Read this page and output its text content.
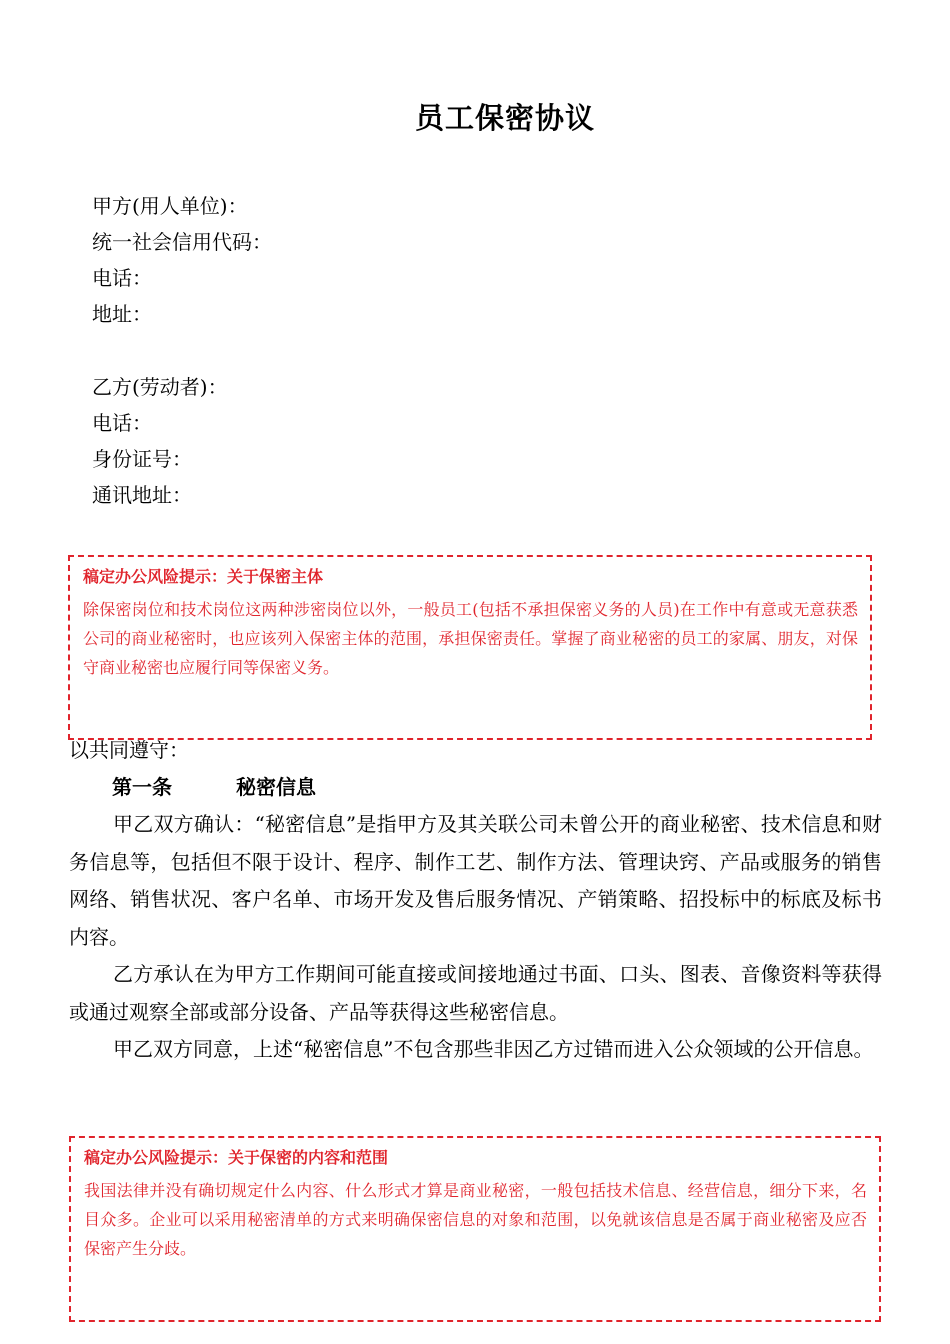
员工保密协议
甲方(用人单位)：
统一社会信用代码：
电话：
地址：
乙方(劳动者)：
电话：
身份证号：
通讯地址：
稿定办公风险提示：关于保密主体
除保密岗位和技术岗位这两种涉密岗位以外，一般员工(包括不承担保密义务的人员)在工作中有意或无意获悉公司的商业秘密时，也应该列入保密主体的范围，承担保密责任。掌握了商业秘密的员工的家属、朋友，对保守商业秘密也应履行同等保密义务。
以共同遵守：
第一条	秘密信息

甲乙双方确认：“秘密信息”是指甲方及其关联公司未曾公开的商业秘密、技术信息和财务信息等，包括但不限于设计、程序、制作工艺、制作方法、管理诀窍、产品或服务的销售网络、销售状况、客户名单、市场开发及售后服务情况、产销策略、招投标中的标底及标书内容。

乙方承认在为甲方工作期间可能直接或间接地通过书面、口头、图表、音像资料等获得或通过观察全部或部分设备、产品等获得这些秘密信息。

甲乙双方同意，上述“秘密信息”不包含那些非因乙方过错而进入公众领域的公开信息。

稿定办公风险提示：关于保密的内容和范围
我国法律并没有确切规定什么内容、什么形式才算是商业秘密，一般包括技术信息、经营信息，细分下来，名目众多。企业可以采用秘密清单的方式来明确保密信息的对象和范围，以免就该信息是否属于商业秘密及应否保密产生分歧。
